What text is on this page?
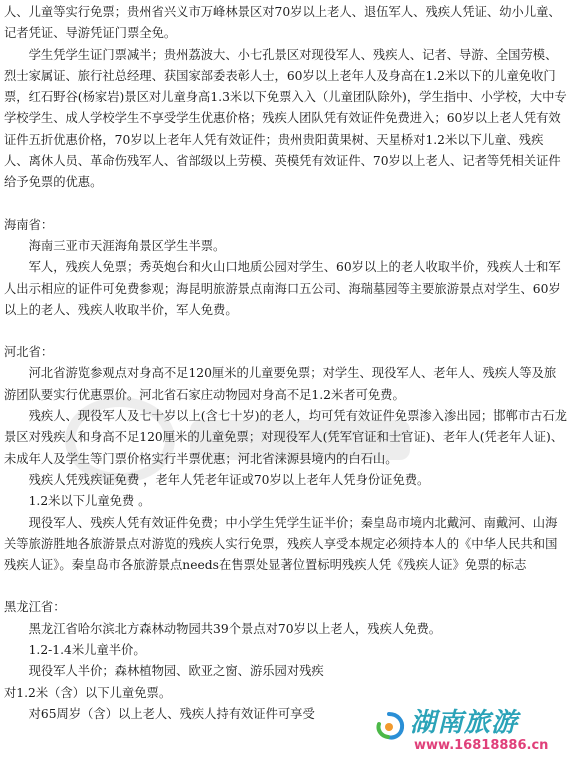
人、儿童等实行免票；贵州省兴义市万峰林景区对70岁以上老人、退伍军人、残疾人凭证、幼小儿童、记者凭证、导游凭证门票全免。

学生凭学生证门票减半；贵州荔波大、小七孔景区对现役军人、残疾人、记者、导游、全国劳模、烈士家属证、旅行社总经理、获国家部委表彰人士，60岁以上老年人及身高在1.2米以下的儿童免收门票，红石野谷(杨家岩)景区对儿童身高1.3米以下免票入入（儿童团队除外)，学生指中、小学校，大中专学校学生、成人学校学生不享受学生优惠价格；残疾人团队凭有效证件免费进入；60岁以上老人凭有效证件五折优惠价格，70岁以上老年人凭有效证件；贵州贵阳黄果树、天星桥对1.2米以下儿童、残疾人、离休人员、革命伤残军人、省部级以上劳模、英模凭有效证件、70岁以上老人、记者等凭相关证件给予免票的优惠。

海南省：

海南三亚市天涯海角景区学生半票。

军人，残疾人免票；秀英炮台和火山口地质公园对学生、60岁以上的老人收取半价，残疾人士和军人出示相应的证件可免费参观；海昆明旅游景点南海口五公司、海瑞墓园等主要旅游景点对学生、60岁以上的老人、残疾人收取半价，军人免费。

河北省：

河北省游览参观点对身高不足120厘米的儿童要免票；对学生、现役军人、老年人、残疾人等及旅游团队要实行优惠票价。河北省石家庄动物园对身高不足1.2米者可免费。

残疾人、现役军人及七十岁以上(含七十岁)的老人，均可凭有效证件免票渗入渗出园；邯郸市古石龙景区对残疾人和身高不足120厘米的儿童免票；对现役军人(凭军官证和士官证)、老年人(凭老年人证)、未成年人及学生等门票价格实行半票优惠；河北省涞源县境内的白石山。

残疾人凭残疾证免费 ，老年人凭老年证或70岁以上老年人凭身份证免费。

1.2米以下儿童免费 。

现役军人、残疾人凭有效证件免费；中小学生凭学生证半价；秦皇岛市境内北戴河、南戴河、山海关等旅游胜地各旅游景点对游览的残疾人实行免票，残疾人享受本规定必须持本人的《中华人民共和国残疾人证》。秦皇岛市各旅游景点needs在售票处显著位置标明残疾人凭《残疾人证》免票的标志

黑龙江省：

黑龙江省哈尔滨北方森林动物园共39个景点对70岁以上老人，残疾人免费。

1.2-1.4米儿童半价。

现役军人半价；森林植物园、欧亚之窗、游乐园对残疾

对1.2米（含）以下儿童免票。

对65周岁（含）以上老人、残疾人持有效证件可享受	湖南旅游
www.16818886.cn
